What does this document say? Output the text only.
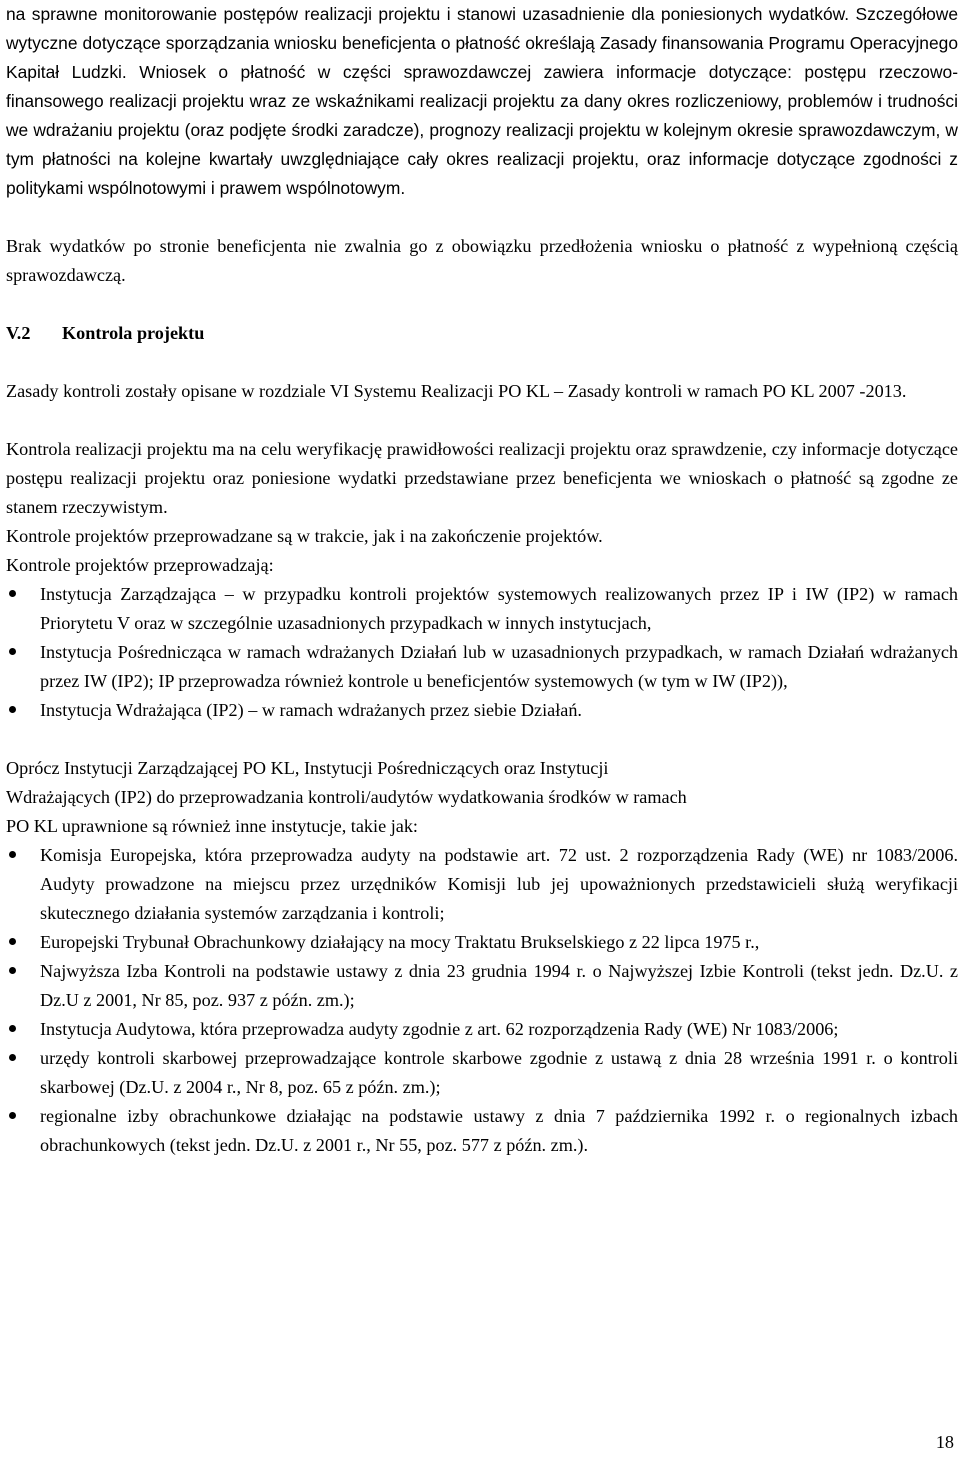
na sprawne monitorowanie postępów realizacji projektu i stanowi uzasadnienie dla poniesionych wydatków. Szczegółowe wytyczne dotyczące sporządzania wniosku beneficjenta o płatność określają Zasady finansowania Programu Operacyjnego Kapitał Ludzki. Wniosek o płatność w części sprawozdawczej zawiera informacje dotyczące: postępu rzeczowo-finansowego realizacji projektu wraz ze wskaźnikami realizacji projektu za dany okres rozliczeniowy, problemów i trudności we wdrażaniu projektu (oraz podjęte środki zaradcze), prognozy realizacji projektu w kolejnym okresie sprawozdawczym, w tym płatności na kolejne kwartały uwzględniające cały okres realizacji projektu, oraz informacje dotyczące zgodności z politykami wspólnotowymi i prawem wspólnotowym.

Brak wydatków po stronie beneficjenta nie zwalnia go z obowiązku przedłożenia wniosku o płatność z wypełnioną częścią sprawozdawczą.

V.2 Kontrola projektu

Zasady kontroli zostały opisane w rozdziale VI Systemu Realizacji PO KL – Zasady kontroli w ramach PO KL 2007 -2013.

Kontrola realizacji projektu ma na celu weryfikację prawidłowości realizacji projektu oraz sprawdzenie, czy informacje dotyczące postępu realizacji projektu oraz poniesione wydatki przedstawiane przez beneficjenta we wnioskach o płatność są zgodne ze stanem rzeczywistym.

Kontrole projektów przeprowadzane są w trakcie, jak i na zakończenie projektów.

Kontrole projektów przeprowadzają:

Instytucja Zarządzająca – w przypadku kontroli projektów systemowych realizowanych przez IP i IW (IP2) w ramach Priorytetu V oraz w szczególnie uzasadnionych przypadkach w innych instytucjach,
Instytucja Pośrednicząca w ramach wdrażanych Działań lub w uzasadnionych przypadkach, w ramach Działań wdrażanych przez IW (IP2); IP przeprowadza również kontrole u beneficjentów systemowych (w tym w IW (IP2)),
Instytucja Wdrażająca (IP2) – w ramach wdrażanych przez siebie Działań.

Oprócz Instytucji Zarządzającej PO KL, Instytucji Pośredniczących oraz Instytucji

Wdrażających (IP2) do przeprowadzania kontroli/audytów wydatkowania środków w ramach

PO KL uprawnione są również inne instytucje, takie jak:

Komisja Europejska, która przeprowadza audyty na podstawie art. 72 ust. 2 rozporządzenia Rady (WE) nr 1083/2006. Audyty prowadzone na miejscu przez urzędników Komisji lub jej upoważnionych przedstawicieli służą weryfikacji skutecznego działania systemów zarządzania i kontroli;
Europejski Trybunał Obrachunkowy działający na mocy Traktatu Brukselskiego z 22 lipca 1975 r.,
Najwyższa Izba Kontroli na podstawie ustawy z dnia 23 grudnia 1994 r. o Najwyższej Izbie Kontroli (tekst jedn. Dz.U. z Dz.U z 2001, Nr 85, poz. 937 z późn. zm.);
Instytucja Audytowa, która przeprowadza audyty zgodnie z art. 62 rozporządzenia Rady (WE) Nr 1083/2006;
urzędy kontroli skarbowej przeprowadzające kontrole skarbowe zgodnie z ustawą z dnia 28 września 1991 r. o kontroli skarbowej (Dz.U. z 2004 r., Nr 8, poz. 65 z późn. zm.);
regionalne izby obrachunkowe działając na podstawie ustawy z dnia 7 października 1992 r. o regionalnych izbach obrachunkowych (tekst jedn. Dz.U. z 2001 r., Nr 55, poz. 577 z późn. zm.).
18
